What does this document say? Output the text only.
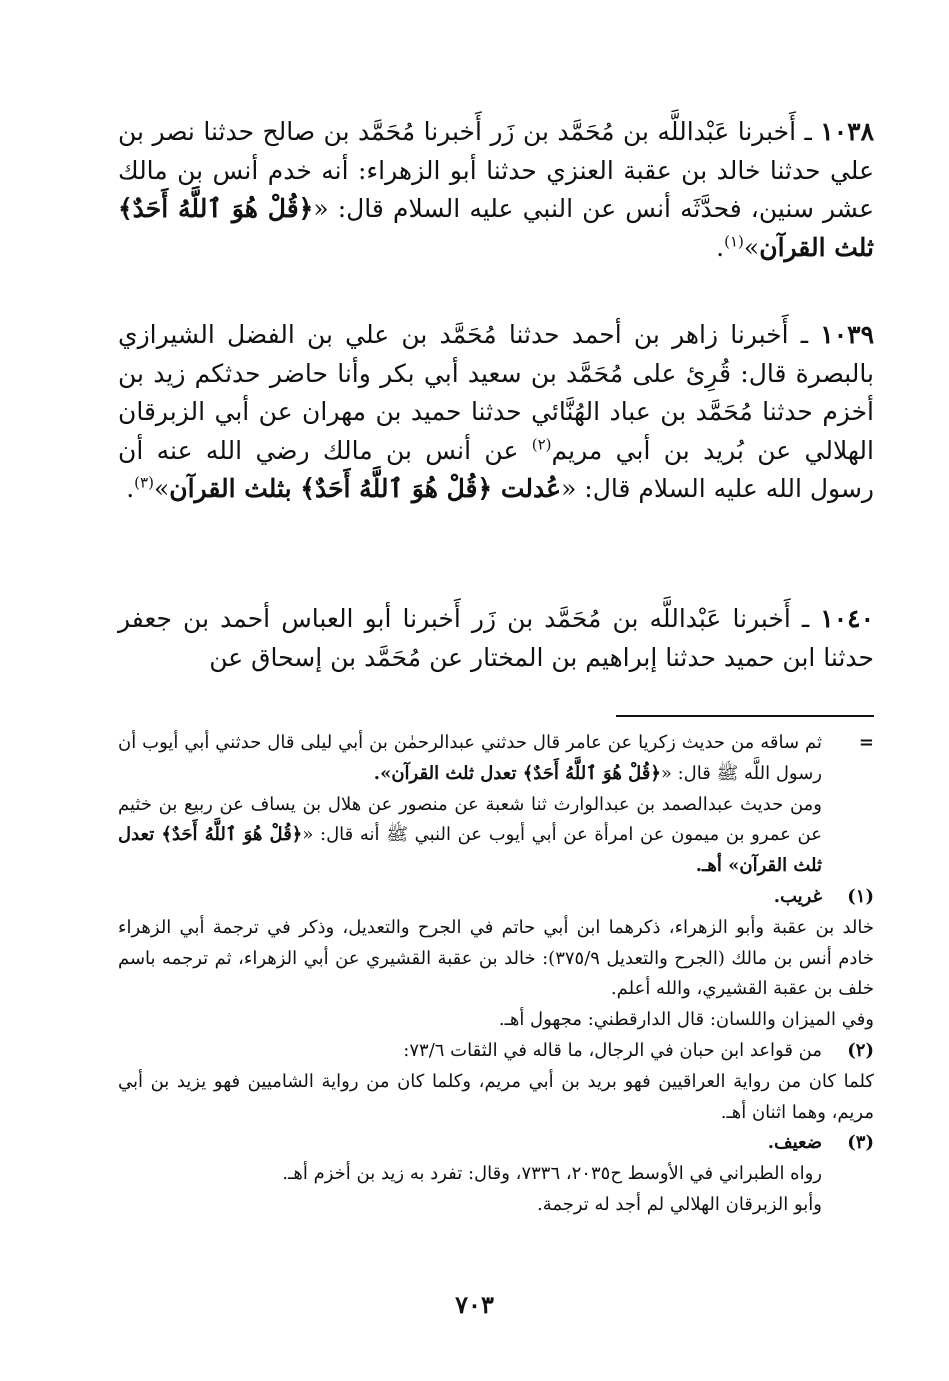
١٠٣٨ ـ أَخبرنا عَبْداللَّه بن مُحَمَّد بن زَر أَخبرنا مُحَمَّد بن صالح حدثنا نصر بن علي حدثنا خالد بن عقبة العنزي حدثنا أبو الزهراء: أنه خدم أنس بن مالك عشر سنين، فحدَّثَه أنس عن النبي عليه السلام قال: «﴿قُلْ هُوَ ٱللَّهُ أَحَدٌ﴾ ثلث القرآن»$^{(١)}$.

١٠٣٩ ـ أَخبرنا زاهر بن أحمد حدثنا مُحَمَّد بن علي بن الفضل الشيرازي بالبصرة قال: قُرِئ على مُحَمَّد بن سعيد أبي بكر وأنا حاضر حدثكم زيد بن أخزم حدثنا مُحَمَّد بن عباد الهُنَّائي حدثنا حميد بن مهران عن أبي الزبرقان الهلالي عن بُريد بن أبي مريم$^{(٢)}$ عن أنس بن مالك رضي الله عنه أن رسول الله عليه السلام قال: «عُدلت ﴿قُلْ هُوَ ٱللَّهُ أَحَدٌ﴾ بثلث القرآن»$^{(٣)}$.

١٠٤٠ ـ أَخبرنا عَبْداللَّه بن مُحَمَّد بن زَر أَخبرنا أبو العباس أحمد بن جعفر حدثنا ابن حميد حدثنا إبراهيم بن المختار عن مُحَمَّد بن إسحاق عن

=
ثم ساقه من حديث زكريا عن عامر قال حدثني عبدالرحمٰن بن أبي ليلى قال حدثني أبي أيوب أن رسول اللَّه ﷺ قال: «﴿قُلْ هُوَ ٱللَّهُ أَحَدٌ﴾ تعدل ثلث القرآن».
ومن حديث عبدالصمد بن عبدالوارث ثنا شعبة عن منصور عن هلال بن يساف عن ربيع بن خثيم عن عمرو بن ميمون عن امرأة عن أبي أيوب عن النبي ﷺ أنه قال: «﴿قُلْ هُوَ ٱللَّهُ أَحَدٌ﴾ تعدل ثلث القرآن» أهـ.
(١)
غريب.
خالد بن عقبة وأبو الزهراء، ذكرهما ابن أبي حاتم في الجرح والتعديل، وذكر في ترجمة أبي الزهراء خادم أنس بن مالك (الجرح والتعديل ٣٧٥/٩): خالد بن عقبة القشيري عن أبي الزهراء، ثم ترجمه باسم خلف بن عقبة القشيري، والله أعلم.
وفي الميزان واللسان: قال الدارقطني: مجهول أهـ.
(٢)
من قواعد ابن حبان في الرجال، ما قاله في الثقات ٧٣/٦:
كلما كان من رواية العراقيين فهو بريد بن أبي مريم، وكلما كان من رواية الشاميين فهو يزيد بن أبي مريم، وهما اثنان أهـ.
(٣)
ضعيف.
رواه الطبراني في الأوسط ح٢٠٣٥، ٧٣٣٦، وقال: تفرد به زيد بن أخزم أهـ.
وأبو الزبرقان الهلالي لم أجد له ترجمة.
٧٠٣
